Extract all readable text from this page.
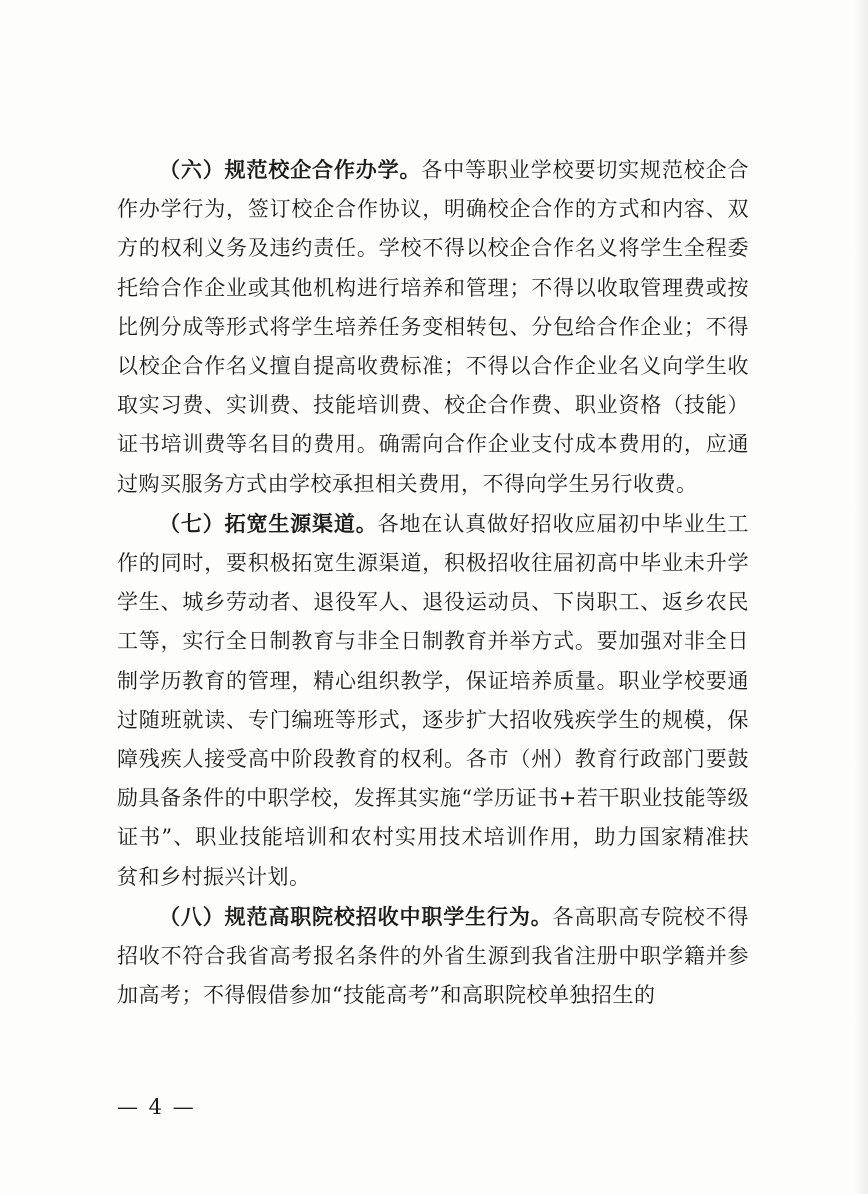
（六）规范校企合作办学。各中等职业学校要切实规范校企合作办学行为，签订校企合作协议，明确校企合作的方式和内容、双方的权利义务及违约责任。学校不得以校企合作名义将学生全程委托给合作企业或其他机构进行培养和管理；不得以收取管理费或按比例分成等形式将学生培养任务变相转包、分包给合作企业；不得以校企合作名义擅自提高收费标准；不得以合作企业名义向学生收取实习费、实训费、技能培训费、校企合作费、职业资格（技能）证书培训费等名目的费用。确需向合作企业支付成本费用的，应通过购买服务方式由学校承担相关费用，不得向学生另行收费。

（七）拓宽生源渠道。各地在认真做好招收应届初中毕业生工作的同时，要积极拓宽生源渠道，积极招收往届初高中毕业未升学学生、城乡劳动者、退役军人、退役运动员、下岗职工、返乡农民工等，实行全日制教育与非全日制教育并举方式。要加强对非全日制学历教育的管理，精心组织教学，保证培养质量。职业学校要通过随班就读、专门编班等形式，逐步扩大招收残疾学生的规模，保障残疾人接受高中阶段教育的权利。各市（州）教育行政部门要鼓励具备条件的中职学校，发挥其实施“学历证书+若干职业技能等级证书”、职业技能培训和农村实用技术培训作用，助力国家精准扶贫和乡村振兴计划。

（八）规范高职院校招收中职学生行为。各高职高专院校不得招收不符合我省高考报名条件的外省生源到我省注册中职学籍并参加高考；不得假借参加“技能高考”和高职院校单独招生的

— 4 —
